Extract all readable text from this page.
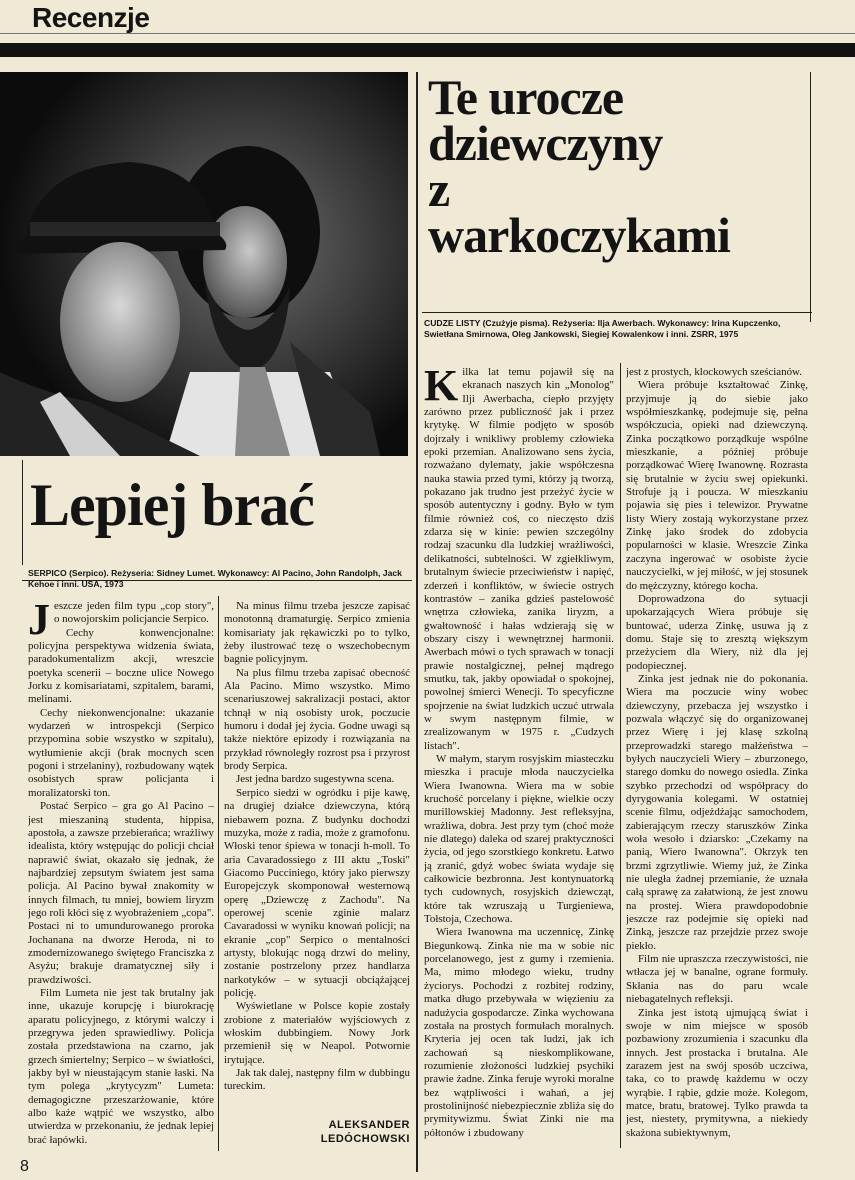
Recenzje
Te urocze
dziewczyny
z
warkoczykami
CUDZE LISTY (Czużyje pisma). Reżyseria: Ilja Awerbach. Wykonawcy: Irina Kupczenko, Swietłana Smirnowa, Oleg Jankowski, Siegiej Kowalenkow i inni. ZSRR, 1975

Kilka lat temu pojawił się na ekranach naszych kin „Monolog" Ilji Awerbacha, ciepło przyjęty zarówno przez publiczność jak i przez krytykę. W filmie podjęto w sposób dojrzały i wnikliwy problemy człowieka epoki przemian. Analizowano sens życia, rozważano dylematy, jakie współczesna nauka stawia przed tymi, którzy ją tworzą, pokazano jak trudno jest przeżyć życie w sposób autentyczny i godny. Było w tym filmie również coś, co nieczęsto dziś zdarza się w kinie: pewien szczególny rodzaj szacunku dla ludzkiej wrażliwości, delikatności, subtelności. W zgiełkliwym, brutalnym świecie przeciwieństw i napięć, zderzeń i konfliktów, w świecie ostrych kontrastów – zanika gdzieś pastelowość wnętrza człowieka, zanika liryzm, a gwałtowność i hałas wdzierają się w obszary ciszy i wewnętrznej harmonii. Awerbach mówi o tych sprawach w tonacji prawie nostalgicznej, pełnej mądrego smutku, tak, jakby opowiadał o spokojnej, powolnej śmierci Wenecji. To specyficzne spojrzenie na świat ludzkich uczuć utrwala w swym następnym filmie, w zrealizowanym w 1975 r. „Cudzych listach".

W małym, starym rosyjskim miasteczku mieszka i pracuje młoda nauczycielka Wiera Iwanowna. Wiera ma w sobie kruchość porcelany i piękne, wielkie oczy murillowskiej Madonny. Jest refleksyjna, wrażliwa, dobra. Jest przy tym (choć może nie dlatego) daleka od szarej praktyczności życia, od jego szorstkiego konkretu. Łatwo ją zranić, gdyż wobec świata wydaje się całkowicie bezbronna. Jest kontynuatorką tych cudownych, rosyjskich dziewcząt, które tak wzruszają u Turgieniewa, Tołstoja, Czechowa.

Wiera Iwanowna ma uczennicę, Zinkę Biegunkową. Zinka nie ma w sobie nic porcelanowego, jest z gumy i rzemienia. Ma, mimo młodego wieku, trudny życiorys. Pochodzi z rozbitej rodziny, matka długo przebywała w więzieniu za nadużycia gospodarcze. Zinka wychowana została na prostych formułach moralnych. Kryteria jej ocen tak ludzi, jak ich zachowań są nieskomplikowane, rozumienie złożoności ludzkiej psychiki prawie żadne. Zinka feruje wyroki moralne bez wątpliwości i wahań, a jej prostolinijność niebezpiecznie zbliża się do prymitywizmu. Świat Zinki nie ma półtonów i zbudowany

jest z prostych, klockowych sześcianów.

Wiera próbuje kształtować Zinkę, przyjmuje ją do siebie jako współmieszkankę, podejmuje się, pełna współczucia, opieki nad dziewczyną. Zinka początkowo porządkuje wspólne mieszkanie, a później próbuje porządkować Wierę Iwanownę. Rozrasta się brutalnie w życiu swej opiekunki. Strofuje ją i poucza. W mieszkaniu pojawia się pies i telewizor. Prywatne listy Wiery zostają wykorzystane przez Zinkę jako środek do zdobycia popularności w klasie. Wreszcie Zinka zaczyna ingerować w osobiste życie nauczycielki, w jej miłość, w jej stosunek do mężczyzny, którego kocha.

Doprowadzona do sytuacji upokarzających Wiera próbuje się buntować, uderza Zinkę, usuwa ją z domu. Staje się to zresztą większym przeżyciem dla Wiery, niż dla jej podopiecznej.

Zinka jest jednak nie do pokonania. Wiera ma poczucie winy wobec dziewczyny, przebacza jej wszystko i pozwala włączyć się do organizowanej przez Wierę i jej klasę szkolną przeprowadzki starego małżeństwa – byłych nauczycieli Wiery – zburzonego, starego domku do nowego osiedla. Zinka szybko przechodzi od współpracy do dyrygowania kolegami. W ostatniej scenie filmu, odjeżdżając samochodem, zabierającym rzeczy staruszków Zinka woła wesoło i dziarsko: „Czekamy na panią, Wiero Iwanowna". Okrzyk ten brzmi zgrzytliwie. Wiemy już, że Zinka nie uległa żadnej przemianie, że uznała całą sprawę za załatwioną, że jest znowu na prostej. Wiera prawdopodobnie jeszcze raz podejmie się opieki nad Zinką, jeszcze raz przejdzie przez swoje piekło.

Film nie upraszcza rzeczywistości, nie wtłacza jej w banalne, ograne formuły. Skłania nas do paru wcale niebagatelnych refleksji.

Zinka jest istotą ujmującą świat i swoje w nim miejsce w sposób pozbawiony zrozumienia i szacunku dla innych. Jest prostacka i brutalna. Ale zarazem jest na swój sposób uczciwa, taka, co to prawdę każdemu w oczy wyrąbie. I rąbie, gdzie może. Kolegom, matce, bratu, bratowej. Tylko prawda ta jest, niestety, prymitywna, a niekiedy skażona subiektywnym,

Lepiej brać
SERPICO (Serpico). Reżyseria: Sidney Lumet. Wykonawcy: Al Pacino, John Randolph, Jack Kehoe i inni. USA, 1973

Jeszcze jeden film typu „cop story", o nowojorskim policjancie Serpico.

Cechy konwencjonalne: policyjna perspektywa widzenia świata, paradokumentalizm akcji, wreszcie poetyka scenerii – boczne ulice Nowego Jorku z komisariatami, szpitalem, barami, melinami.

Cechy niekonwencjonalne: ukazanie wydarzeń w introspekcji (Serpico przypomina sobie wszystko w szpitalu), wytłumienie akcji (brak mocnych scen pogoni i strzelaniny), rozbudowany wątek osobistych spraw policjanta i moralizatorski ton.

Postać Serpico – gra go Al Pacino – jest mieszaniną studenta, hippisa, apostoła, a zawsze przebierańca; wrażliwy idealista, który wstępując do policji chciał naprawić świat, okazało się jednak, że najbardziej zepsutym światem jest sama policja. Al Pacino bywał znakomity w innych filmach, tu mniej, bowiem liryzm jego roli kłóci się z wyobrażeniem „copa". Postaci ni to umundurowanego proroka Jochanana na dworze Heroda, ni to zmodernizowanego świętego Franciszka z Asyżu; brakuje dramatycznej siły i prawdziwości.

Film Lumeta nie jest tak brutalny jak inne, ukazuje korupcję i biurokrację aparatu policyjnego, z którymi walczy i przegrywa jeden sprawiedliwy. Policja została przedstawiona na czarno, jak grzech śmiertelny; Serpico – w światłości, jakby był w nieustającym stanie łaski. Na tym polega „krytycyzm" Lumeta: demagogiczne przeszarżowanie, które albo każe wątpić we wszystko, albo utwierdza w przekonaniu, że jednak lepiej brać łapówki.

Na minus filmu trzeba jeszcze zapisać monotonną dramaturgię. Serpico zmienia komisariaty jak rękawiczki po to tylko, żeby ilustrować tezę o wszechobecnym bagnie policyjnym.

Na plus filmu trzeba zapisać obecność Ala Pacino. Mimo wszystko. Mimo scenariuszowej sakralizacji postaci, aktor tchnął w nią osobisty urok, poczucie humoru i dodał jej życia. Godne uwagi są także niektóre epizody i rozwiązania na przykład równoległy rozrost psa i przyrost brody Serpica.

Jest jedna bardzo sugestywna scena.

Serpico siedzi w ogródku i pije kawę, na drugiej działce dziewczyna, którą niebawem pozna. Z budynku dochodzi muzyka, może z radia, może z gramofonu. Włoski tenor śpiewa w tonacji h-moll. To aria Cavaradossiego z III aktu „Toski" Giacomo Pucciniego, który jako pierwszy Europejczyk skomponował westernową operę „Dziewczę z Zachodu". Na operowej scenie zginie malarz Cavaradossi w wyniku knowań policji; na ekranie „cop" Serpico o mentalności artysty, blokując nogą drzwi do meliny, zostanie postrzelony przez handlarza narkotyków – w sytuacji obciążającej policję.

Wyświetlane w Polsce kopie zostały zrobione z materiałów wyjściowych z włoskim dubbingiem. Nowy Jork przemienił się w Neapol. Potwornie irytujące.

Jak tak dalej, następny film w dubbingu tureckim.

ALEKSANDER
LEDÓCHOWSKI
8
